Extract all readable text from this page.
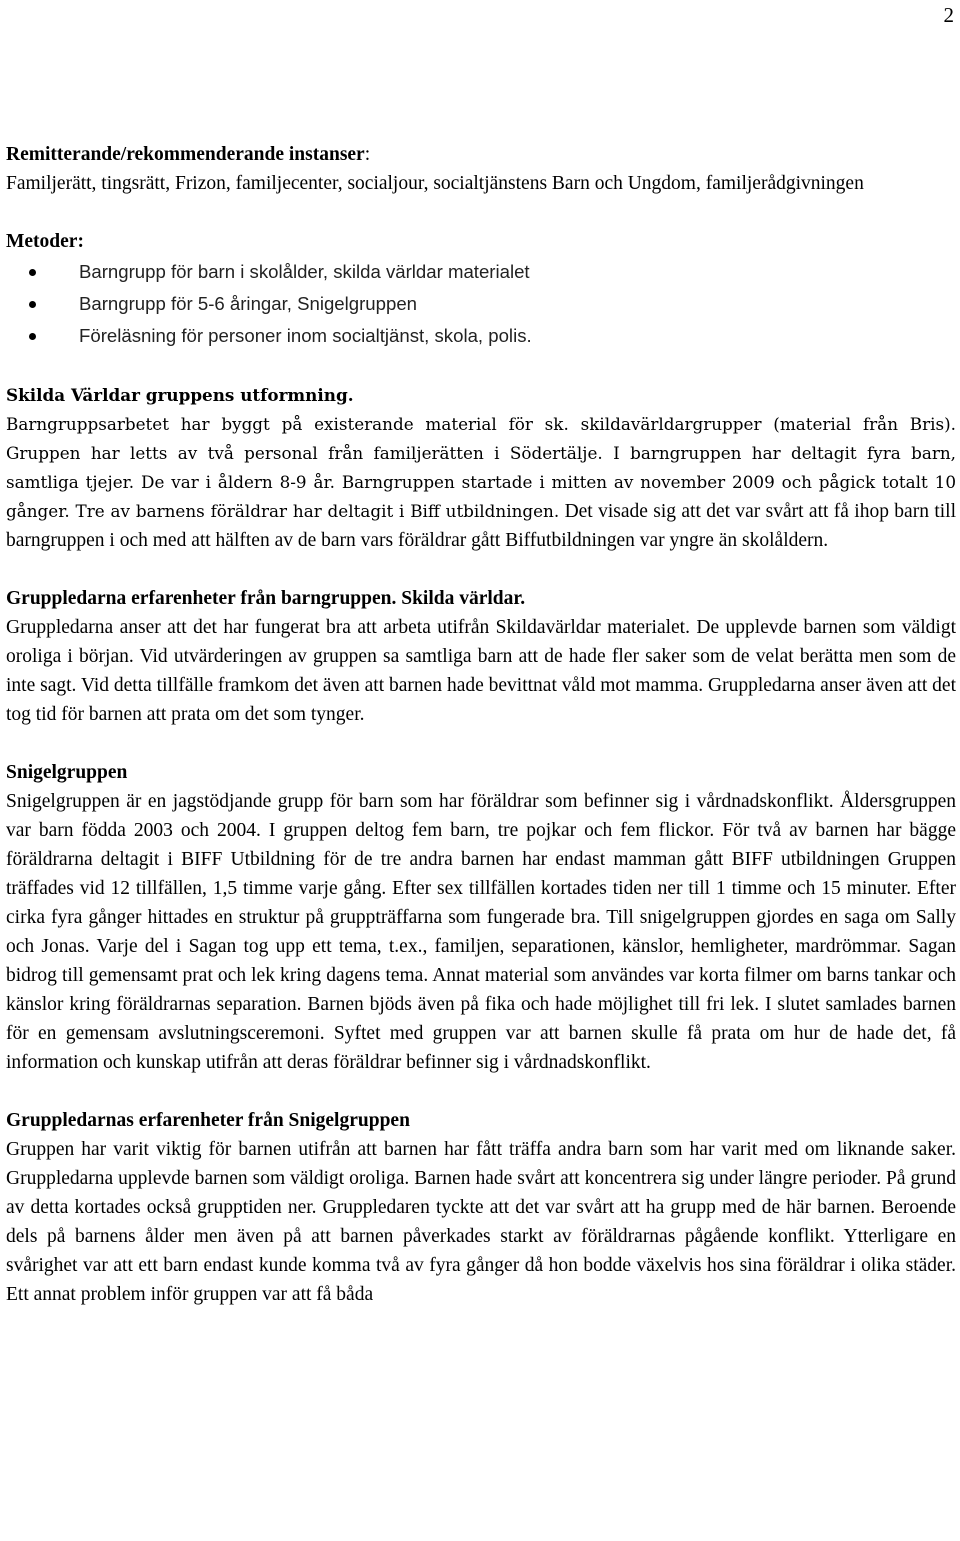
2

Remitterande/rekommenderande instanser:

Familjerätt, tingsrätt, Frizon, familjecenter, socialjour, socialtjänstens Barn och Ungdom, familjerådgivningen

Metoder:

Barngrupp för barn i skolålder, skilda världar materialet
Barngrupp för 5-6 åringar, Snigelgruppen
Föreläsning för personer inom socialtjänst, skola, polis.

Skilda Världar gruppens utformning.

Barngruppsarbetet har byggt på existerande material för sk. skildavärldargrupper (material från Bris). Gruppen har letts av två personal från familjerätten i Södertälje. I barngruppen har deltagit fyra barn, samtliga tjejer. De var i åldern 8-9 år. Barngruppen startade i mitten av november 2009 och pågick totalt 10 gånger. Tre av barnens föräldrar har deltagit i Biff utbildningen. Det visade sig att det var svårt att få ihop barn till barngruppen i och med att hälften av de barn vars föräldrar gått Biffutbildningen var yngre än skolåldern.

Gruppledarna erfarenheter från barngruppen. Skilda världar.

Gruppledarna anser att det har fungerat bra att arbeta utifrån Skildavärldar materialet. De upplevde barnen som väldigt oroliga i början. Vid utvärderingen av gruppen sa samtliga barn att de hade fler saker som de velat berätta men som de inte sagt. Vid detta tillfälle framkom det även att barnen hade bevittnat våld mot mamma. Gruppledarna anser även att det tog tid för barnen att prata om det som tynger.

Snigelgruppen

Snigelgruppen är en jagstödjande grupp för barn som har föräldrar som befinner sig i vårdnadskonflikt. Åldersgruppen var barn födda 2003 och 2004. I gruppen deltog fem barn, tre pojkar och fem flickor. För två av barnen har bägge föräldrarna deltagit i BIFF Utbildning för de tre andra barnen har endast mamman gått BIFF utbildningen Gruppen träffades vid 12 tillfällen, 1,5 timme varje gång. Efter sex tillfällen kortades tiden ner till 1 timme och 15 minuter. Efter cirka fyra gånger hittades en struktur på gruppträffarna som fungerade bra. Till snigelgruppen gjordes en saga om Sally och Jonas. Varje del i Sagan tog upp ett tema, t.ex., familjen, separationen, känslor, hemligheter, mardrömmar. Sagan bidrog till gemensamt prat och lek kring dagens tema. Annat material som användes var korta filmer om barns tankar och känslor kring föräldrarnas separation. Barnen bjöds även på fika och hade möjlighet till fri lek. I slutet samlades barnen för en gemensam avslutningsceremoni. Syftet med gruppen var att barnen skulle få prata om hur de hade det, få information och kunskap utifrån att deras föräldrar befinner sig i vårdnadskonflikt.

Gruppledarnas erfarenheter från Snigelgruppen

Gruppen har varit viktig för barnen utifrån att barnen har fått träffa andra barn som har varit med om liknande saker. Gruppledarna upplevde barnen som väldigt oroliga. Barnen hade svårt att koncentrera sig under längre perioder. På grund av detta kortades också grupptiden ner. Gruppledaren tyckte att det var svårt att ha grupp med de här barnen. Beroende dels på barnens ålder men även på att barnen påverkades starkt av föräldrarnas pågående konflikt. Ytterligare en svårighet var att ett barn endast kunde komma två av fyra gånger då hon bodde växelvis hos sina föräldrar i olika städer. Ett annat problem inför gruppen var att få båda
